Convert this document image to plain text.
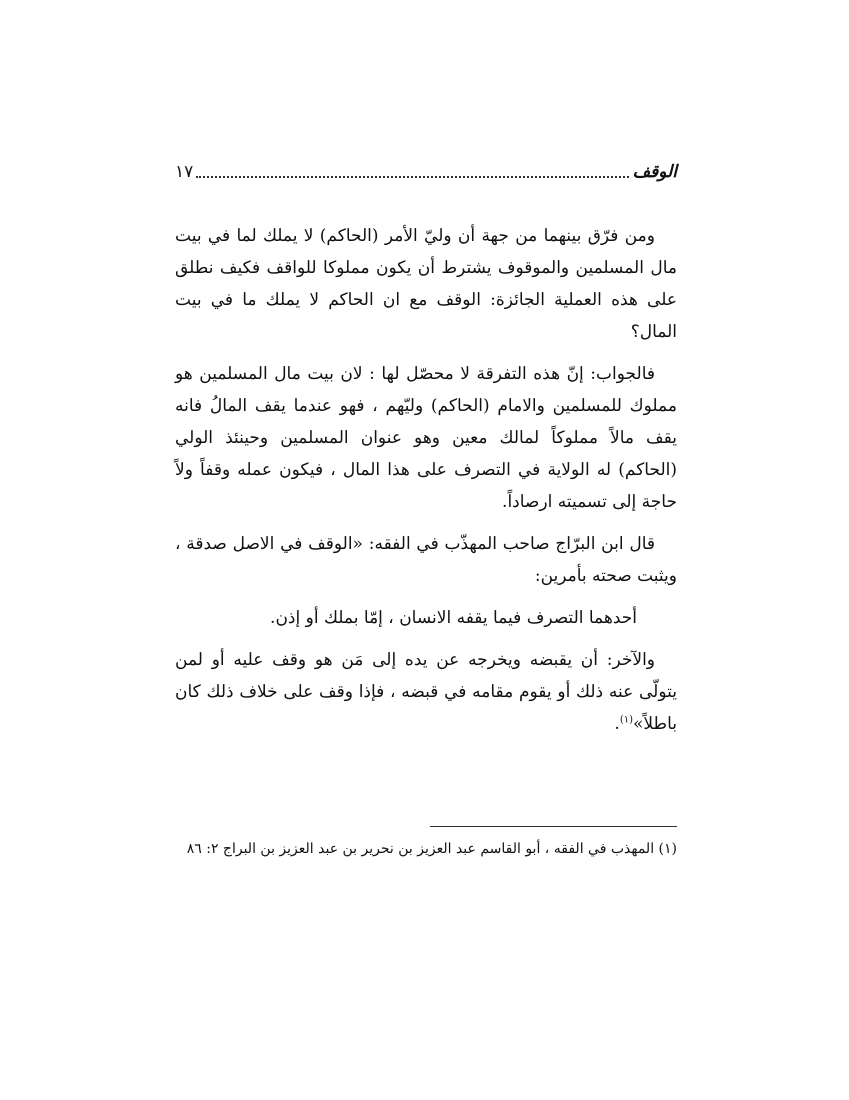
الوقف
١٧

ومن فرّق بينهما من جهة أن وليّ الأمر (الحاكم) لا يملك لما في بيت مال المسلمين والموقوف يشترط أن يكون مملوكا للواقف فكيف نطلق على هذه العملية الجائزة: الوقف مع ان الحاكم لا يملك ما في بيت المال؟

فالجواب: إنّ هذه التفرقة لا محصّل لها : لان بيت مال المسلمين هو مملوك للمسلمين والامام (الحاكم) وليّهم ، فهو عندما يقف المالُ فانه يقف مالاً مملوكاً لمالك معين وهو عنوان المسلمين وحينئذ الولي (الحاكم) له الولاية في التصرف على هذا المال ، فيكون عمله وقفاً ولاً حاجة إلى تسميته ارصاداً.

قال ابن البرّاج صاحب المهذّب في الفقه: «الوقف في الاصل صدقة ، ويثبت صحته بأمرين:

أحدهما التصرف فيما يقفه الانسان ، إمّا بملك أو إذن.

والآخر: أن يقبضه ويخرجه عن يده إلى مَن هو وقف عليه أو لمن يتولّى عنه ذلك أو يقوم مقامه في قبضه ، فإذا وقف على خلاف ذلك كان باطلاً»$^{(١)}$.

(١) المهذب في الفقه ، أبو القاسم عبد العزيز بن نحرير بن عبد العزيز بن البراج ٢: ٨٦
